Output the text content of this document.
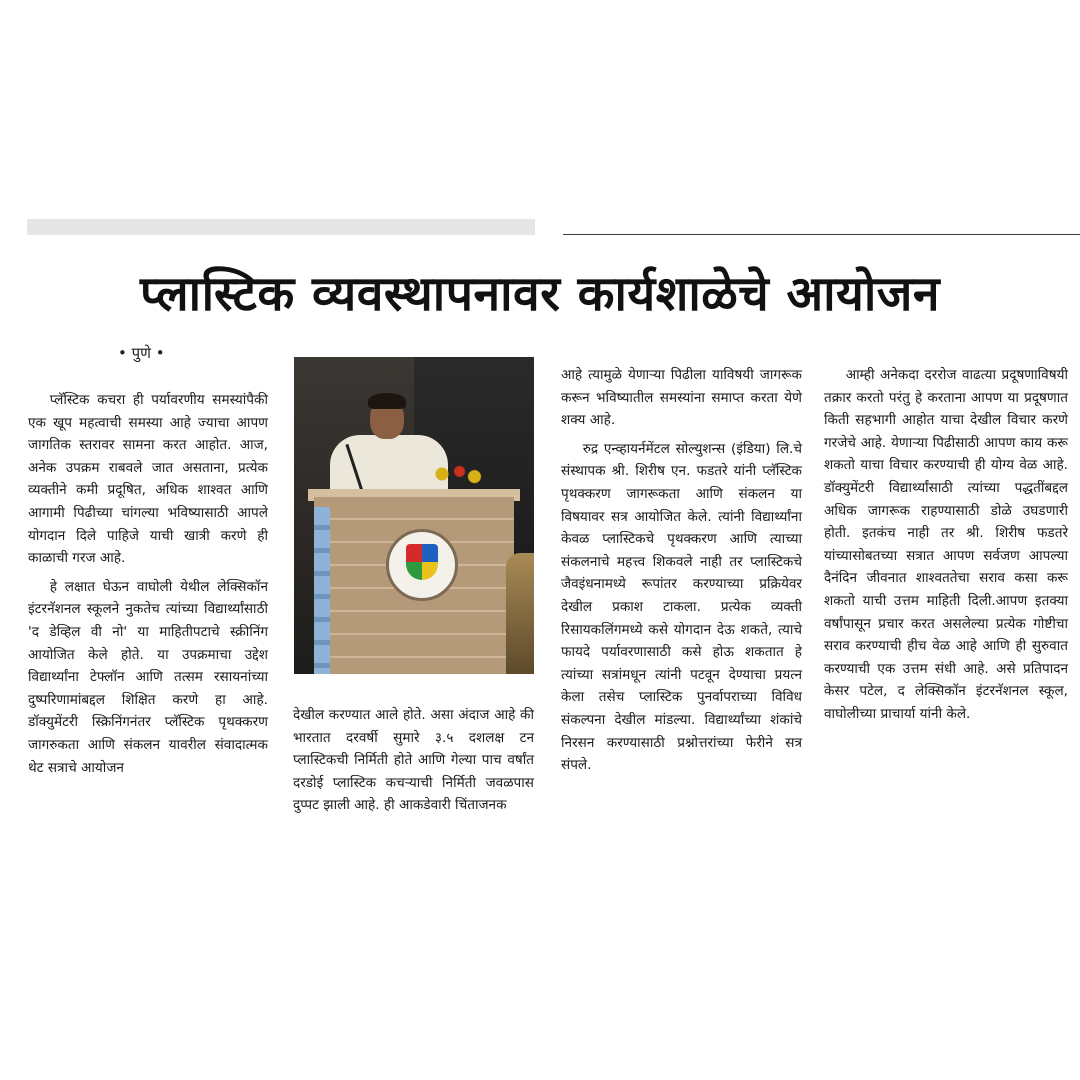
प्लास्टिक व्यवस्थापनावर कार्यशाळेचे आयोजन
• पुणे •

प्लॅस्टिक कचरा ही पर्यावरणीय समस्यांपैकी एक खूप महत्वाची समस्या आहे ज्याचा आपण जागतिक स्तरावर सामना करत आहोत. आज, अनेक उपक्रम राबवले जात असताना, प्रत्येक व्यक्तीने कमी प्रदूषित, अधिक शाश्वत आणि आगामी पिढीच्या चांगल्या भविष्यासाठी आपले योगदान दिले पाहिजे याची खात्री करणे ही काळाची गरज आहे.

हे लक्षात घेऊन वाघोली येथील लेक्सिकॉन इंटरनॅशनल स्कूलने नुकतेच त्यांच्या विद्यार्थ्यांसाठी 'द डेव्हिल वी नो' या माहितीपटाचे स्क्रीनिंग आयोजित केले होते. या उपक्रमाचा उद्देश विद्यार्थ्यांना टेफ्लॉन आणि तत्सम रसायनांच्या दुष्परिणामांबद्दल शिक्षित करणे हा आहे. डॉक्युमेंटरी स्क्रिनिंगनंतर प्लॅस्टिक पृथक्करण जागरुकता आणि संकलन यावरील संवादात्मक थेट सत्राचे आयोजन

देखील करण्यात आले होते. असा अंदाज आहे की भारतात दरवर्षी सुमारे ३.५ दशलक्ष टन प्लास्टिकची निर्मिती होते आणि गेल्या पाच वर्षांत दरडोई प्लास्टिक कचऱ्याची निर्मिती जवळपास दुप्पट झाली आहे. ही आकडेवारी चिंताजनक

आहे त्यामुळे येणाऱ्या पिढीला याविषयी जागरूक करून भविष्यातील समस्यांना समाप्त करता येणे शक्य आहे.

रुद्र एन्व्हायर्नमेंटल सोल्युशन्स (इंडिया) लि.चे संस्थापक श्री. शिरीष एन. फडतरे यांनी प्लॅस्टिक पृथक्करण जागरूकता आणि संकलन या विषयावर सत्र आयोजित केले. त्यांनी विद्यार्थ्यांना केवळ प्लास्टिकचे पृथक्करण आणि त्याच्या संकलनाचे महत्त्व शिकवले नाही तर प्लास्टिकचे जैवइंधनामध्ये रूपांतर करण्याच्या प्रक्रियेवर देखील प्रकाश टाकला. प्रत्येक व्यक्ती रिसायकलिंगमध्ये कसे योगदान देऊ शकते, त्याचे फायदे पर्यावरणासाठी कसे होऊ शकतात हे त्यांच्या सत्रांमधून त्यांनी पटवून देण्याचा प्रयत्न केला तसेच प्लास्टिक पुनर्वापराच्या विविध संकल्पना देखील मांडल्या. विद्यार्थ्यांच्या शंकांचे निरसन करण्यासाठी प्रश्नोत्तरांच्या फेरीने सत्र संपले.

आम्ही अनेकदा दररोज वाढत्या प्रदूषणाविषयी तक्रार करतो परंतु हे करताना आपण या प्रदूषणात किती सहभागी आहोत याचा देखील विचार करणे गरजेचे आहे. येणाऱ्या पिढीसाठी आपण काय करू शकतो याचा विचार करण्याची ही योग्य वेळ आहे. डॉक्युमेंटरी विद्यार्थ्यांसाठी त्यांच्या पद्धतींबद्दल अधिक जागरूक राहण्यासाठी डोळे उघडणारी होती. इतकंच नाही तर श्री. शिरीष फडतरे यांच्यासोबतच्या सत्रात आपण सर्वजण आपल्या दैनंदिन जीवनात शाश्वततेचा सराव कसा करू शकतो याची उत्तम माहिती दिली.आपण इतक्या वर्षांपासून प्रचार करत असलेल्या प्रत्येक गोष्टीचा सराव करण्याची हीच वेळ आहे आणि ही सुरुवात करण्याची एक उत्तम संधी आहे. असे प्रतिपादन केसर पटेल, द लेक्सिकॉन इंटरनॅशनल स्कूल, वाघोलीच्या प्राचार्या यांनी केले.
